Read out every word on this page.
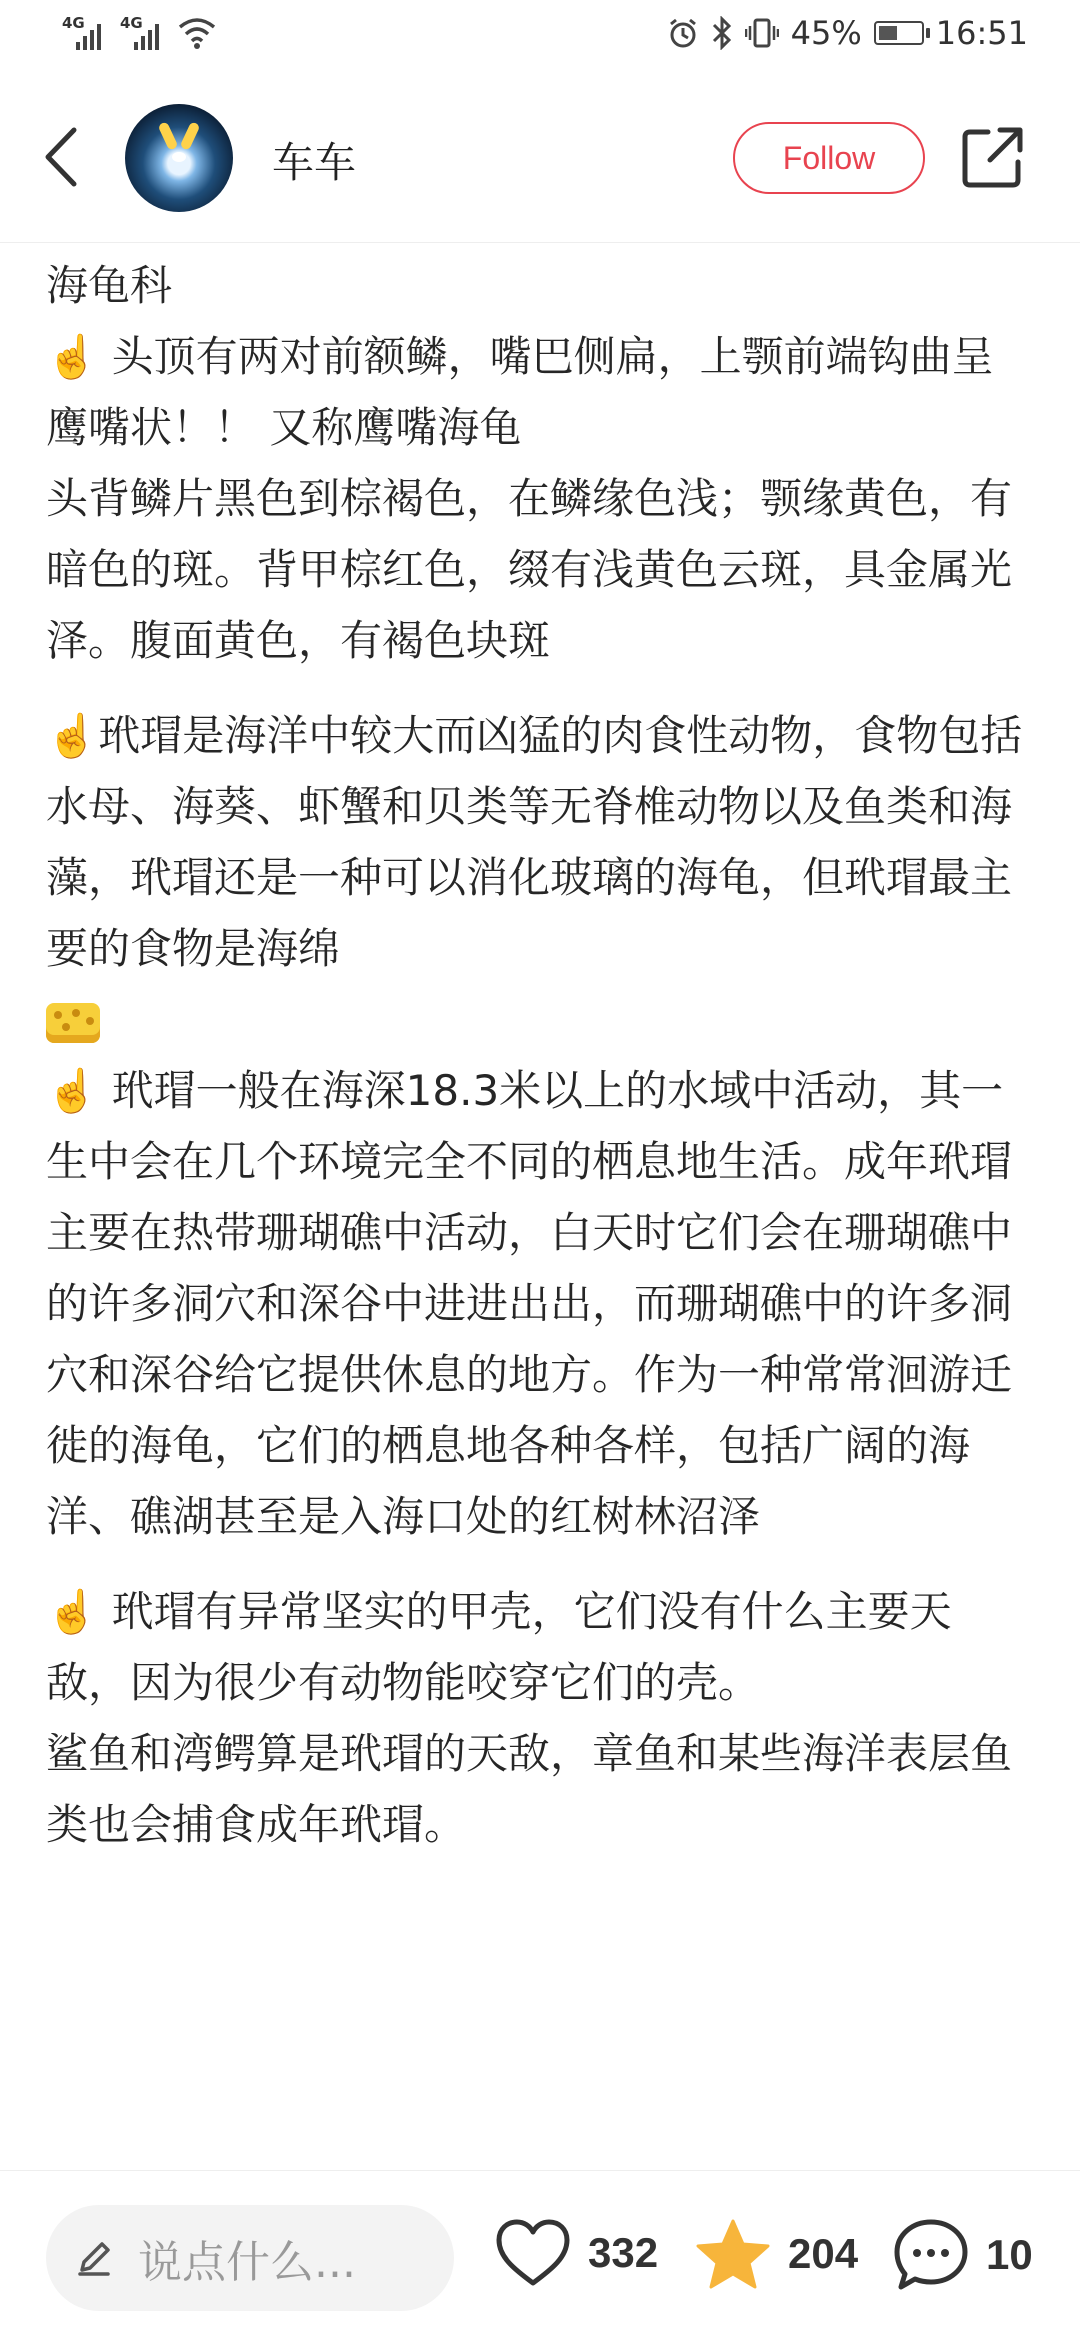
4G 4G	45% 16:51
车车	Follow

海龟科

☝️ 头顶有两对前额鳞，嘴巴侧扁，上颚前端钩曲呈鹰嘴状！！ 又称鹰嘴海龟

头背鳞片黑色到棕褐色，在鳞缘色浅；颚缘黄色，有暗色的斑。背甲棕红色，缀有浅黄色云斑，具金属光泽。腹面黄色，有褐色块斑

☝️玳瑁是海洋中较大而凶猛的肉食性动物，食物包括水母、海葵、虾蟹和贝类等无脊椎动物以及鱼类和海藻，玳瑁还是一种可以消化玻璃的海龟，但玳瑁最主要的食物是海绵

☝️ 玳瑁一般在海深18.3米以上的水域中活动，其一生中会在几个环境完全不同的栖息地生活。成年玳瑁主要在热带珊瑚礁中活动，白天时它们会在珊瑚礁中的许多洞穴和深谷中进进出出，而珊瑚礁中的许多洞穴和深谷给它提供休息的地方。作为一种常常洄游迁徙的海龟，它们的栖息地各种各样，包括广阔的海洋、礁湖甚至是入海口处的红树林沼泽

☝️ 玳瑁有异常坚实的甲壳，它们没有什么主要天敌，因为很少有动物能咬穿它们的壳。

鲨鱼和湾鳄算是玳瑁的天敌，章鱼和某些海洋表层鱼类也会捕食成年玳瑁。

说点什么...	332	204	10
